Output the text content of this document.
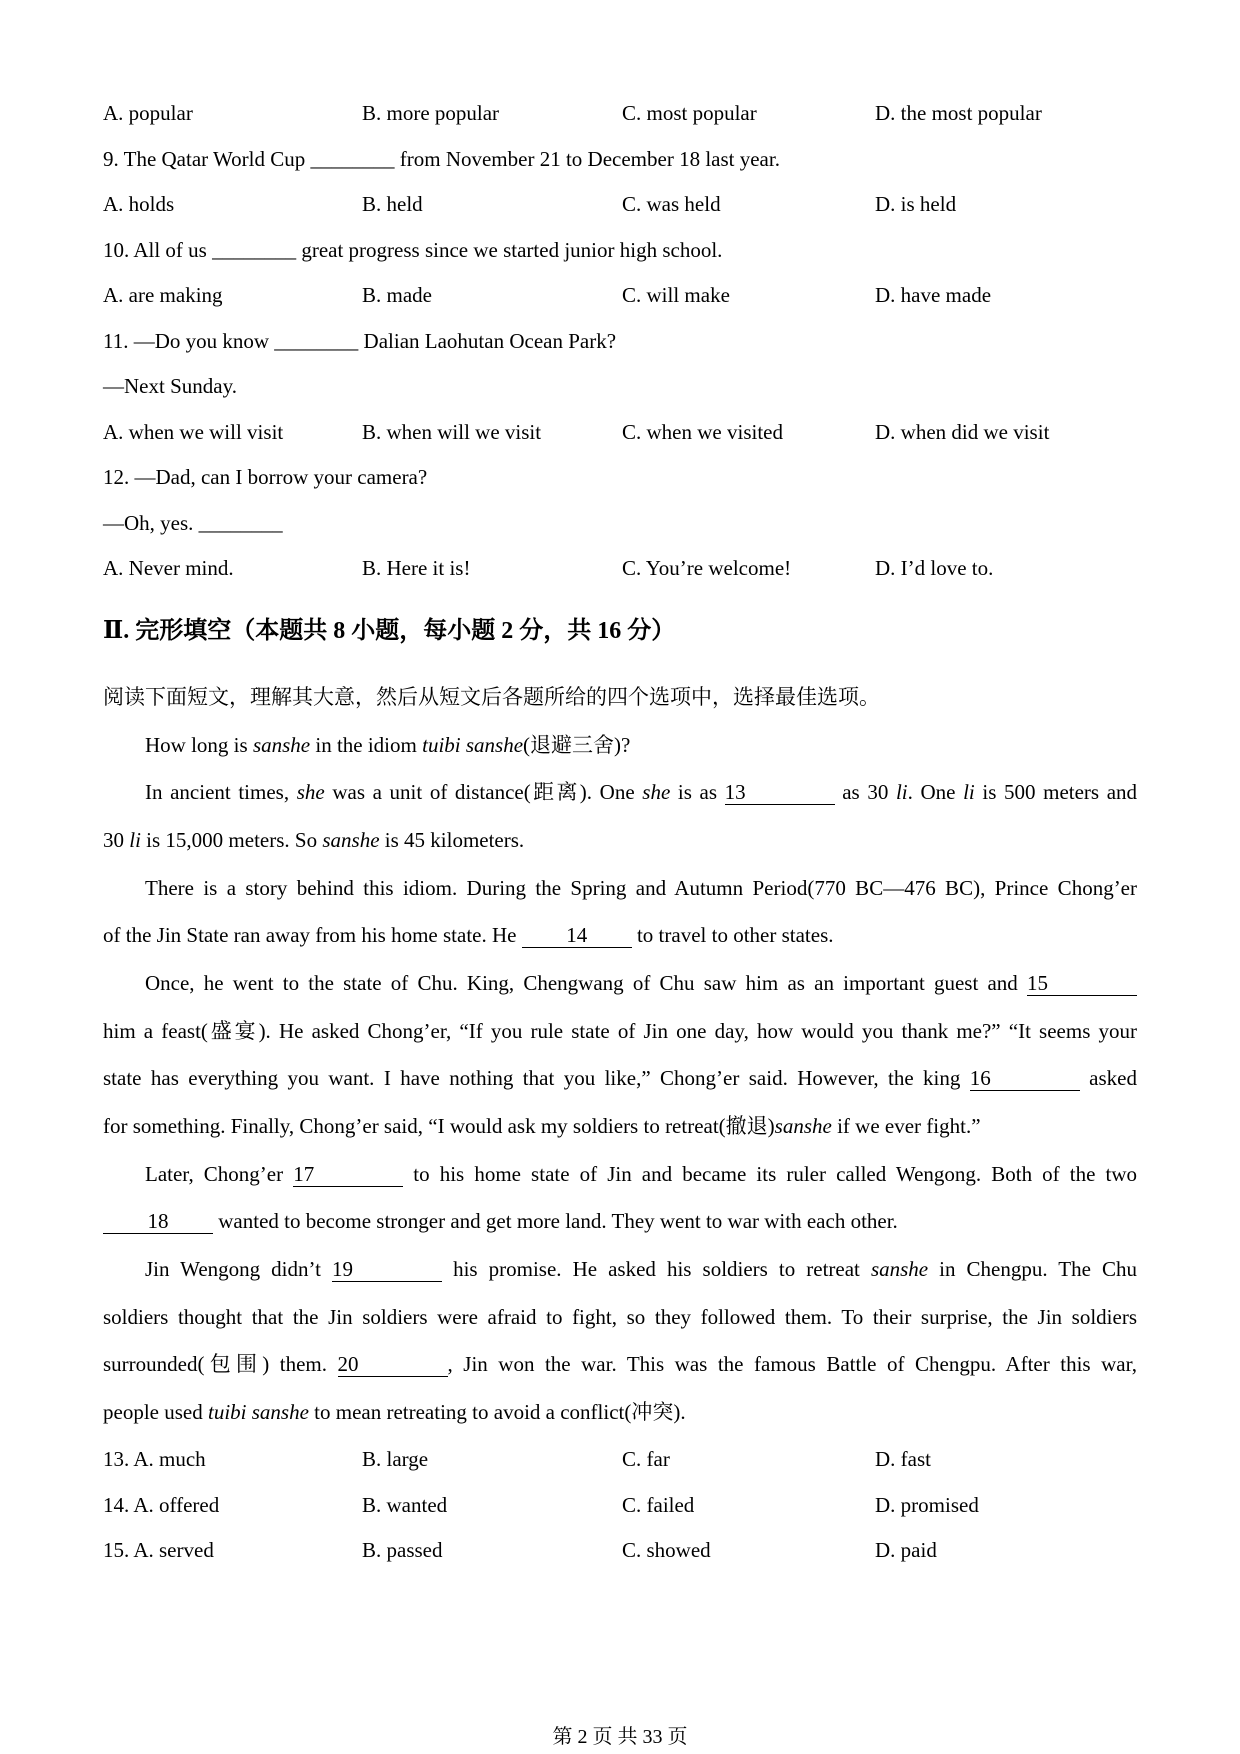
A. popular	B. more popular	C. most popular	D. the most popular
9. The Qatar World Cup ________ from November 21 to December 18 last year.
A. holds	B. held	C. was held	D. is held
10. All of us ________ great progress since we started junior high school.
A. are making	B. made	C. will make	D. have made
11. —Do you know ________ Dalian Laohutan Ocean Park?
—Next Sunday.
A. when we will visit	B. when will we visit	C. when we visited	D. when did we visit
12. —Dad, can I borrow your camera?
—Oh, yes. ________
A. Never mind.	B. Here it is!	C. You’re welcome!	D. I’d love to.
Ⅱ. 完形填空（本题共 8 小题，每小题 2 分，共 16 分）
阅读下面短文，理解其大意，然后从短文后各题所给的四个选项中，选择最佳选项。
How long is sanshe in the idiom tuibi sanshe(退避三舍)?
In ancient times, she was a unit of distance(距离). One she is as 13	as 30 li. One li is 500 meters and
30 li is 15,000 meters. So sanshe is 45 kilometers.
There is a story behind this idiom. During the Spring and Autumn Period(770 BC—476 BC), Prince Chong’er
of the Jin State ran away from his home state. He 14 to travel to other states.
Once, he went to the state of Chu. King, Chengwang of Chu saw him as an important guest and 15
him a feast(盛宴). He asked Chong’er, “If you rule state of Jin one day, how would you thank me?” “It seems your
state has everything you want. I have nothing that you like,” Chong’er said. However, the king 16	asked
for something. Finally, Chong’er said, “I would ask my soldiers to retreat(撤退)sanshe if we ever fight.”
Later, Chong’er 17	to his home state of Jin and became its ruler called Wengong. Both of the two
18 wanted to become stronger and get more land. They went to war with each other.
Jin Wengong didn’t 19	his promise. He asked his soldiers to retreat sanshe in Chengpu. The Chu
soldiers thought that the Jin soldiers were afraid to fight, so they followed them. To their surprise, the Jin soldiers
surrounded(包围) them. 20	, Jin won the war. This was the famous Battle of Chengpu. After this war,
people used tuibi sanshe to mean retreating to avoid a conflict(冲突).
13. A. much	B. large	C. far	D. fast
14. A. offered	B. wanted	C. failed	D. promised
15. A. served	B. passed	C. showed	D. paid
第 2 页 共 33 页
